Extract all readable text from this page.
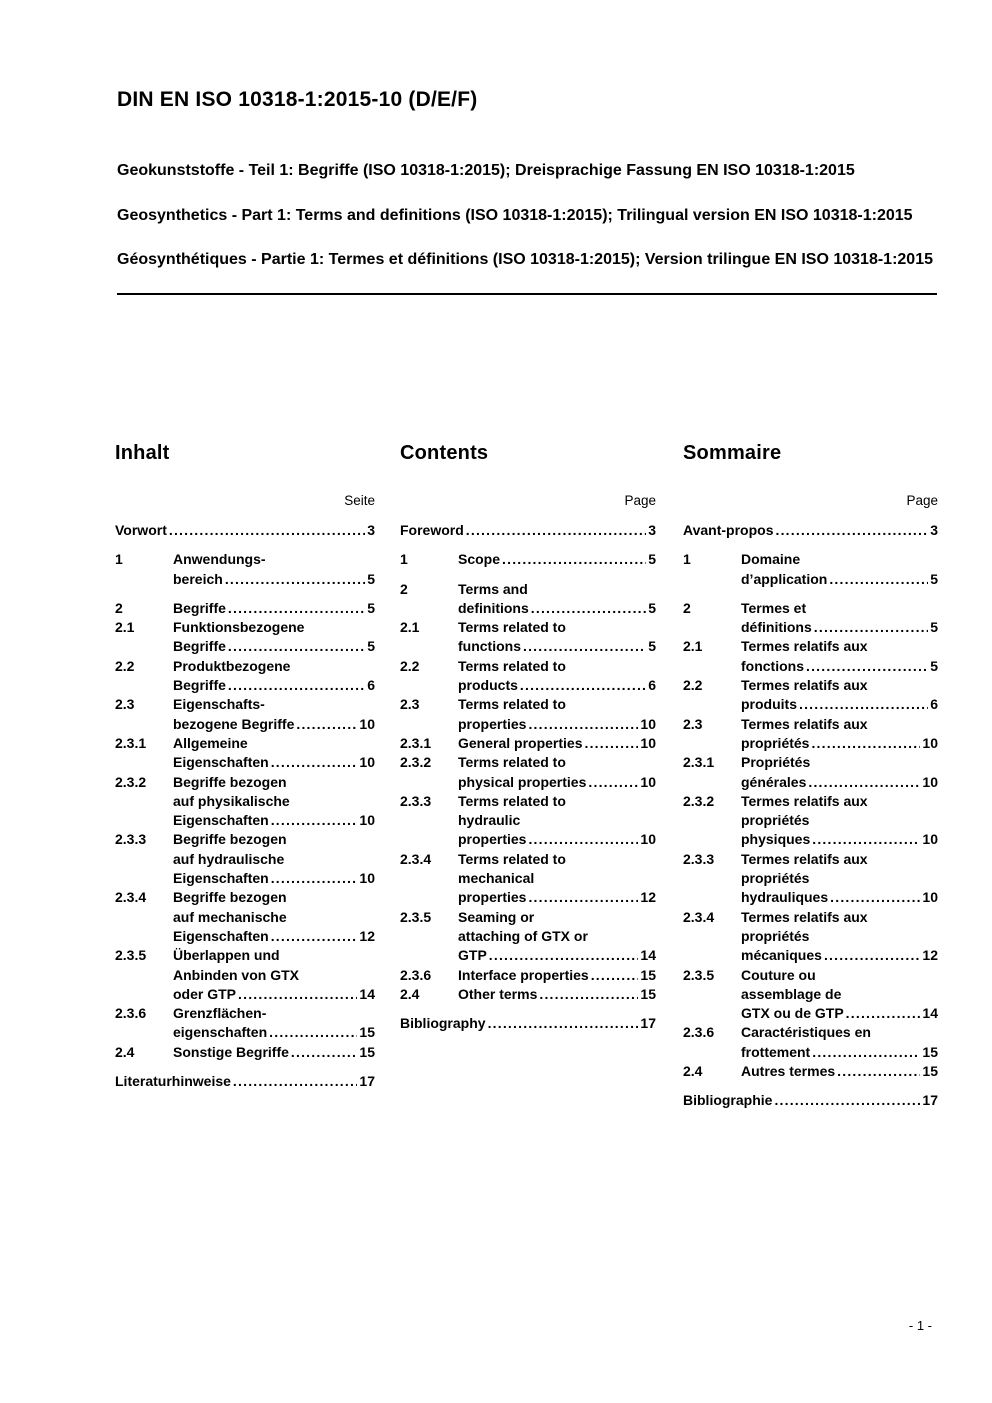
DIN EN ISO 10318-1:2015-10 (D/E/F)

Geokunststoffe - Teil 1: Begriffe (ISO 10318-1:2015); Dreisprachige Fassung EN ISO 10318-1:2015

Geosynthetics - Part 1: Terms and definitions (ISO 10318-1:2015); Trilingual version EN ISO 10318-1:2015

Géosynthétiques - Partie 1: Termes et définitions (ISO 10318-1:2015); Version trilingue EN ISO 10318-1:2015

Inhalt
Seite
Vorwort .....	3
1	Anwendungs-
bereich .....	5
2	Begriffe .....	5
2.1	Funktionsbezogene
Begriffe .....	5
2.2	Produktbezogene
Begriffe .....	6
2.3	Eigenschafts-
bezogene Begriffe .....	10
2.3.1	Allgemeine
Eigenschaften .....	10
2.3.2	Begriffe bezogen
auf physikalische
Eigenschaften .....	10
2.3.3	Begriffe bezogen
auf hydraulische
Eigenschaften .....	10
2.3.4	Begriffe bezogen
auf mechanische
Eigenschaften .....	12
2.3.5	Überlappen und
Anbinden von GTX
oder GTP .....	14
2.3.6	Grenzflächen-
eigenschaften .....	15
2.4	Sonstige Begriffe .....	15
Literaturhinweise .....	17
Contents
Page
Foreword .....	3
1	Scope .....	5
2	Terms and
definitions .....	5
2.1	Terms related to
functions .....	5
2.2	Terms related to
products .....	6
2.3	Terms related to
properties .....	10
2.3.1	General properties .....	10
2.3.2	Terms related to
physical properties .....	10
2.3.3	Terms related to
hydraulic
properties .....	10
2.3.4	Terms related to
mechanical
properties .....	12
2.3.5	Seaming or
attaching of GTX or
GTP .....	14
2.3.6	Interface properties .....	15
2.4	Other terms .....	15
Bibliography .....	17
Sommaire
Page
Avant-propos .....	3
1	Domaine
d’application .....	5
2	Termes et
définitions .....	5
2.1	Termes relatifs aux
fonctions .....	5
2.2	Termes relatifs aux
produits .....	6
2.3	Termes relatifs aux
propriétés .....	10
2.3.1	Propriétés
générales .....	10
2.3.2	Termes relatifs aux
propriétés
physiques .....	10
2.3.3	Termes relatifs aux
propriétés
hydrauliques .....	10
2.3.4	Termes relatifs aux
propriétés
mécaniques .....	12
2.3.5	Couture ou
assemblage de
GTX ou de GTP .....	14
2.3.6	Caractéristiques en
frottement .....	15
2.4	Autres termes .....	15
Bibliographie .....	17
- 1 -
